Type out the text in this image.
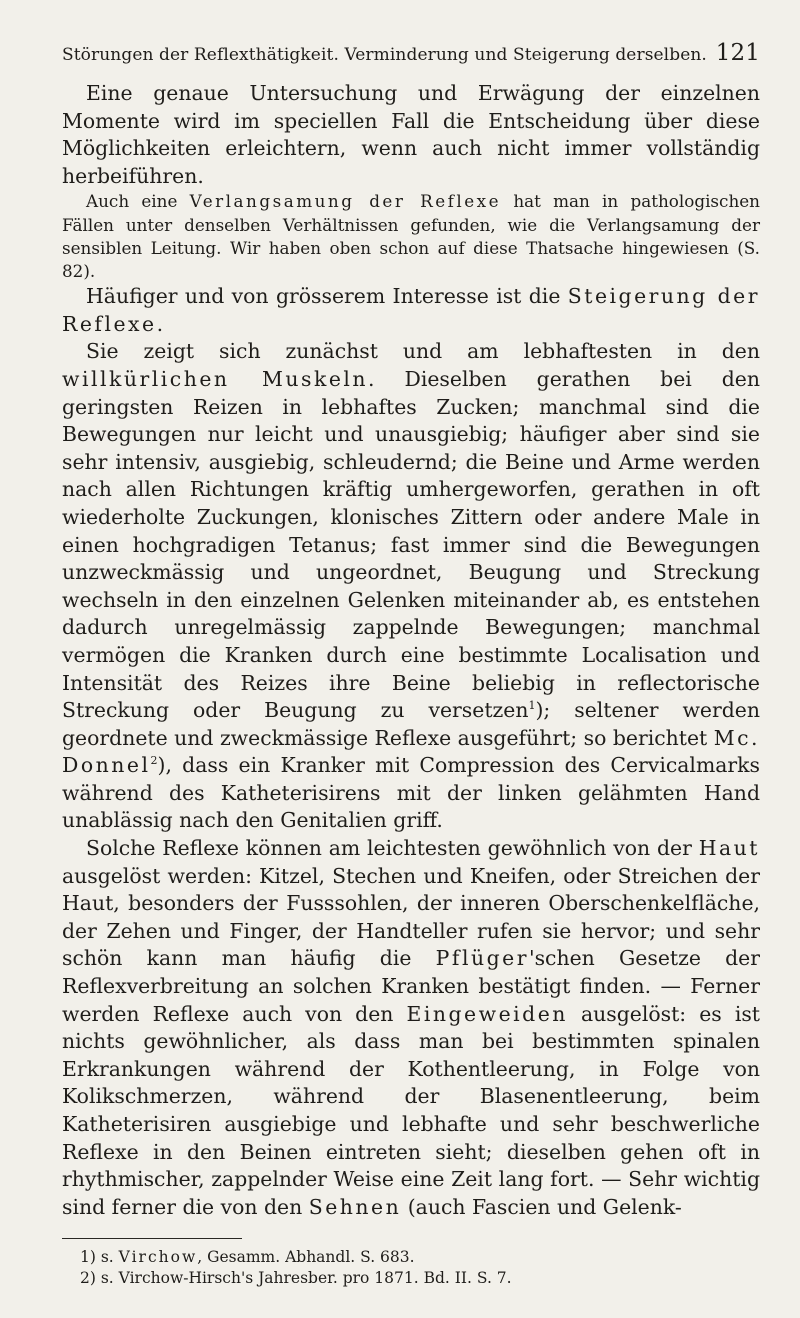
Störungen der Reflexthätigkeit. Verminderung und Steigerung derselben. 121

Eine genaue Untersuchung und Erwägung der einzelnen Momente wird im speciellen Fall die Entscheidung über diese Möglichkeiten erleichtern, wenn auch nicht immer vollständig herbeiführen.

Auch eine Verlangsamung der Reflexe hat man in pathologischen Fällen unter denselben Verhältnissen gefunden, wie die Verlangsamung der sensiblen Leitung. Wir haben oben schon auf diese Thatsache hingewiesen (S. 82).

Häufiger und von grösserem Interesse ist die Steigerung der Reflexe.

Sie zeigt sich zunächst und am lebhaftesten in den willkürlichen Muskeln. Dieselben gerathen bei den geringsten Reizen in lebhaftes Zucken; manchmal sind die Bewegungen nur leicht und unausgiebig; häufiger aber sind sie sehr intensiv, ausgiebig, schleudernd; die Beine und Arme werden nach allen Richtungen kräftig umhergeworfen, gerathen in oft wiederholte Zuckungen, klonisches Zittern oder andere Male in einen hochgradigen Tetanus; fast immer sind die Bewegungen unzweckmässig und ungeordnet, Beugung und Streckung wechseln in den einzelnen Gelenken miteinander ab, es entstehen dadurch unregelmässig zappelnde Bewegungen; manchmal vermögen die Kranken durch eine bestimmte Localisation und Intensität des Reizes ihre Beine beliebig in reflectorische Streckung oder Beugung zu versetzen$^1$); seltener werden geordnete und zweckmässige Reflexe ausgeführt; so berichtet Mc. Donnel$^2$), dass ein Kranker mit Compression des Cervicalmarks während des Katheterisirens mit der linken gelähmten Hand unablässig nach den Genitalien griff.

Solche Reflexe können am leichtesten gewöhnlich von der Haut ausgelöst werden: Kitzel, Stechen und Kneifen, oder Streichen der Haut, besonders der Fusssohlen, der inneren Oberschenkelfläche, der Zehen und Finger, der Handteller rufen sie hervor; und sehr schön kann man häufig die Pflüger'schen Gesetze der Reflexverbreitung an solchen Kranken bestätigt finden. — Ferner werden Reflexe auch von den Eingeweiden ausgelöst: es ist nichts gewöhnlicher, als dass man bei bestimmten spinalen Erkrankungen während der Kothentleerung, in Folge von Kolikschmerzen, während der Blasenentleerung, beim Katheterisiren ausgiebige und lebhafte und sehr beschwerliche Reflexe in den Beinen eintreten sieht; dieselben gehen oft in rhythmischer, zappelnder Weise eine Zeit lang fort. — Sehr wichtig sind ferner die von den Sehnen (auch Fascien und Gelenk-

1) s. Virchow, Gesamm. Abhandl. S. 683.
2) s. Virchow-Hirsch's Jahresber. pro 1871. Bd. II. S. 7.
